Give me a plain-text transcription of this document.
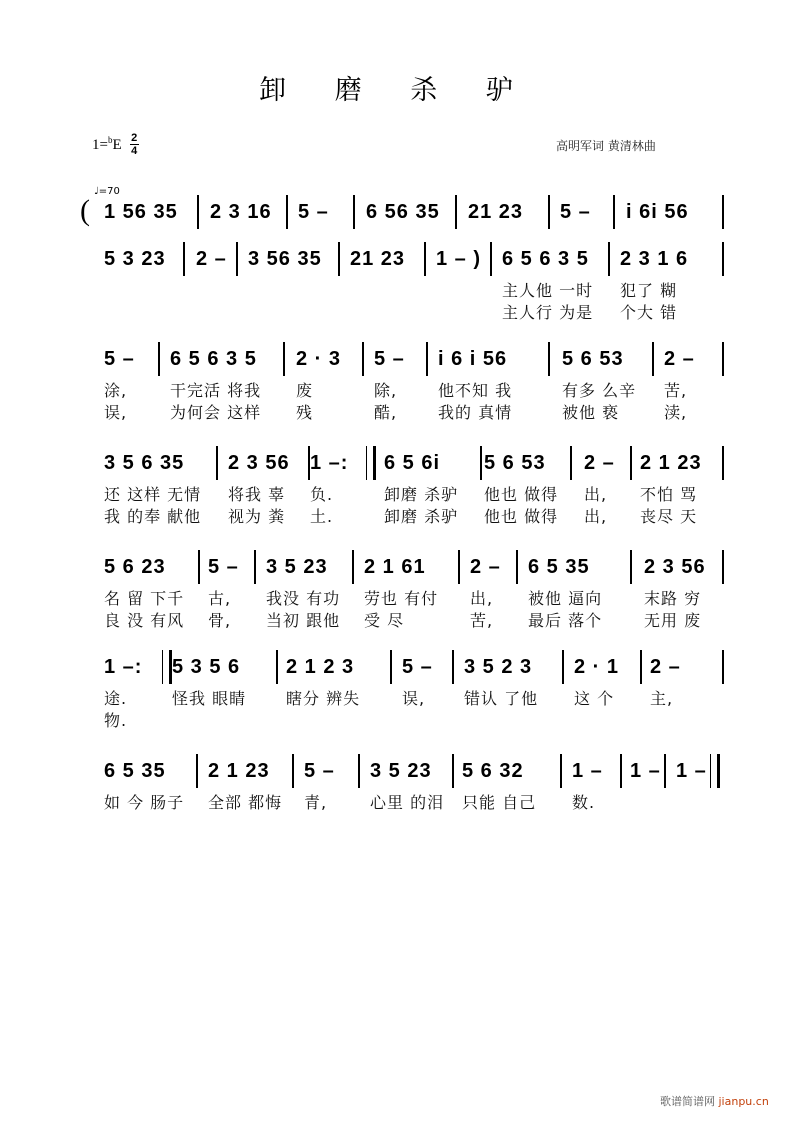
卸 磨 杀 驴
1=$^b$E 2
4	高明军词 黄清林曲
♩=70
( 1 56 35 2 3 16 5 – 6 56 35 21 23 5 – i 6i 56
5 3 23 2 – 3 56 35 21 23 1 – ) 6 5 6 3 5
主人他 一时
主人行 为是
2 3 1 6
犯了 糊
个大 错
5 –
涂,
误,
6 5 6 3 5
干完活 将我
为何会 这样
2 · 3
废
残
5 –
除,
酷,
i 6 i 56
他不知 我
我的 真情
5 6 53
有多 么辛
被他 亵
2 –
苦,
渎,
3 5 6 35
还 这样 无情
我 的奉 献他
2 3 56
将我 辜
视为 粪
1 –:
负.
土.
6 5 6i
卸磨 杀驴
卸磨 杀驴
5 6 53
他也 做得
他也 做得
2 –
出,
出,
2 1 23
不怕 骂
丧尽 天
5 6 23
名 留 下千
良 没 有风
5 –
古,
骨,
3 5 23
我没 有功
当初 跟他
2 1 61
劳也 有付
受 尽
2 –
出,
苦,
6 5 35
被他 逼向
最后 落个
2 3 56
末路 穷
无用 废
1 –:
途.
物.
5 3 5 6
怪我 眼睛
2 1 2 3
瞎分 辨失
5 –
误,
3 5 2 3
错认 了他
2 · 1
这 个
2 –
主,
6 5 35
如 今 肠子
2 1 23
全部 都悔
5 –
青,
3 5 23
心里 的泪
5 6 32
只能 自己
1 –
数.
1 – 1 –
歌谱简谱网 jianpu.cn
